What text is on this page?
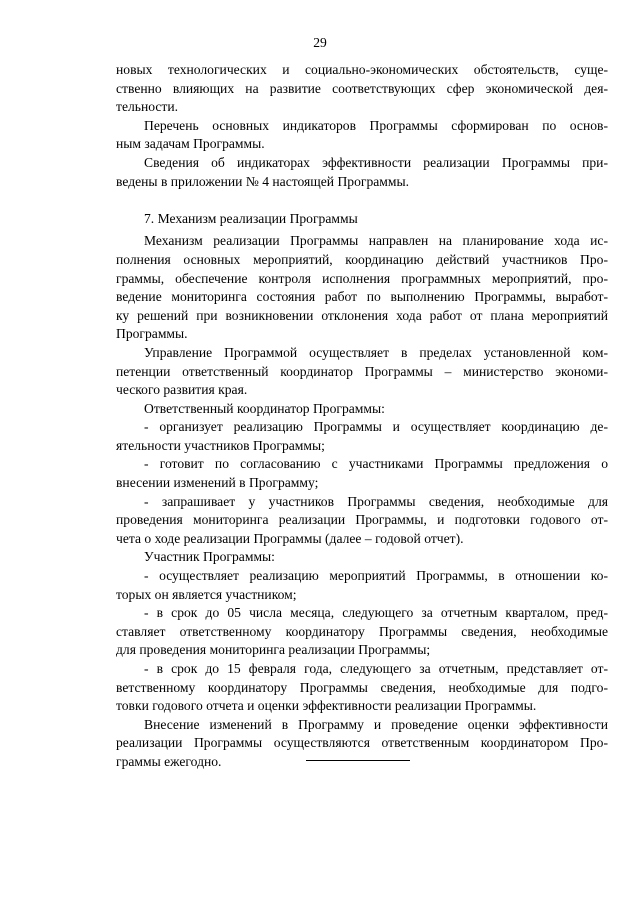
29
новых технологических и социально-экономических обстоятельств, суще-
ственно влияющих на развитие соответствующих сфер экономической дея-
тельности.
Перечень основных индикаторов Программы сформирован по основ-
ным задачам Программы.
Сведения об индикаторах эффективности реализации Программы при-
ведены в приложении № 4 настоящей Программы.
7. Механизм реализации Программы
Механизм реализации Программы направлен на планирование хода ис-
полнения основных мероприятий, координацию действий участников Про-
граммы, обеспечение контроля исполнения программных мероприятий, про-
ведение мониторинга состояния работ по выполнению Программы, выработ-
ку решений при возникновении отклонения хода работ от плана мероприятий
Программы.
Управление Программой осуществляет в пределах установленной ком-
петенции ответственный координатор Программы – министерство экономи-
ческого развития края.
Ответственный координатор Программы:
- организует реализацию Программы и осуществляет координацию де-
ятельности участников Программы;
- готовит по согласованию с участниками Программы предложения о
внесении изменений в Программу;
- запрашивает у участников Программы сведения, необходимые для
проведения мониторинга реализации Программы, и подготовки годового от-
чета о ходе реализации Программы (далее – годовой отчет).
Участник Программы:
- осуществляет реализацию мероприятий Программы, в отношении ко-
торых он является участником;
- в срок до 05 числа месяца, следующего за отчетным кварталом, пред-
ставляет ответственному координатору Программы сведения, необходимые
для проведения мониторинга реализации Программы;
- в срок до 15 февраля года, следующего за отчетным, представляет от-
ветственному координатору Программы сведения, необходимые для подго-
товки годового отчета и оценки эффективности реализации Программы.
Внесение изменений в Программу и проведение оценки эффективности
реализации Программы осуществляются ответственным координатором Про-
граммы ежегодно.
